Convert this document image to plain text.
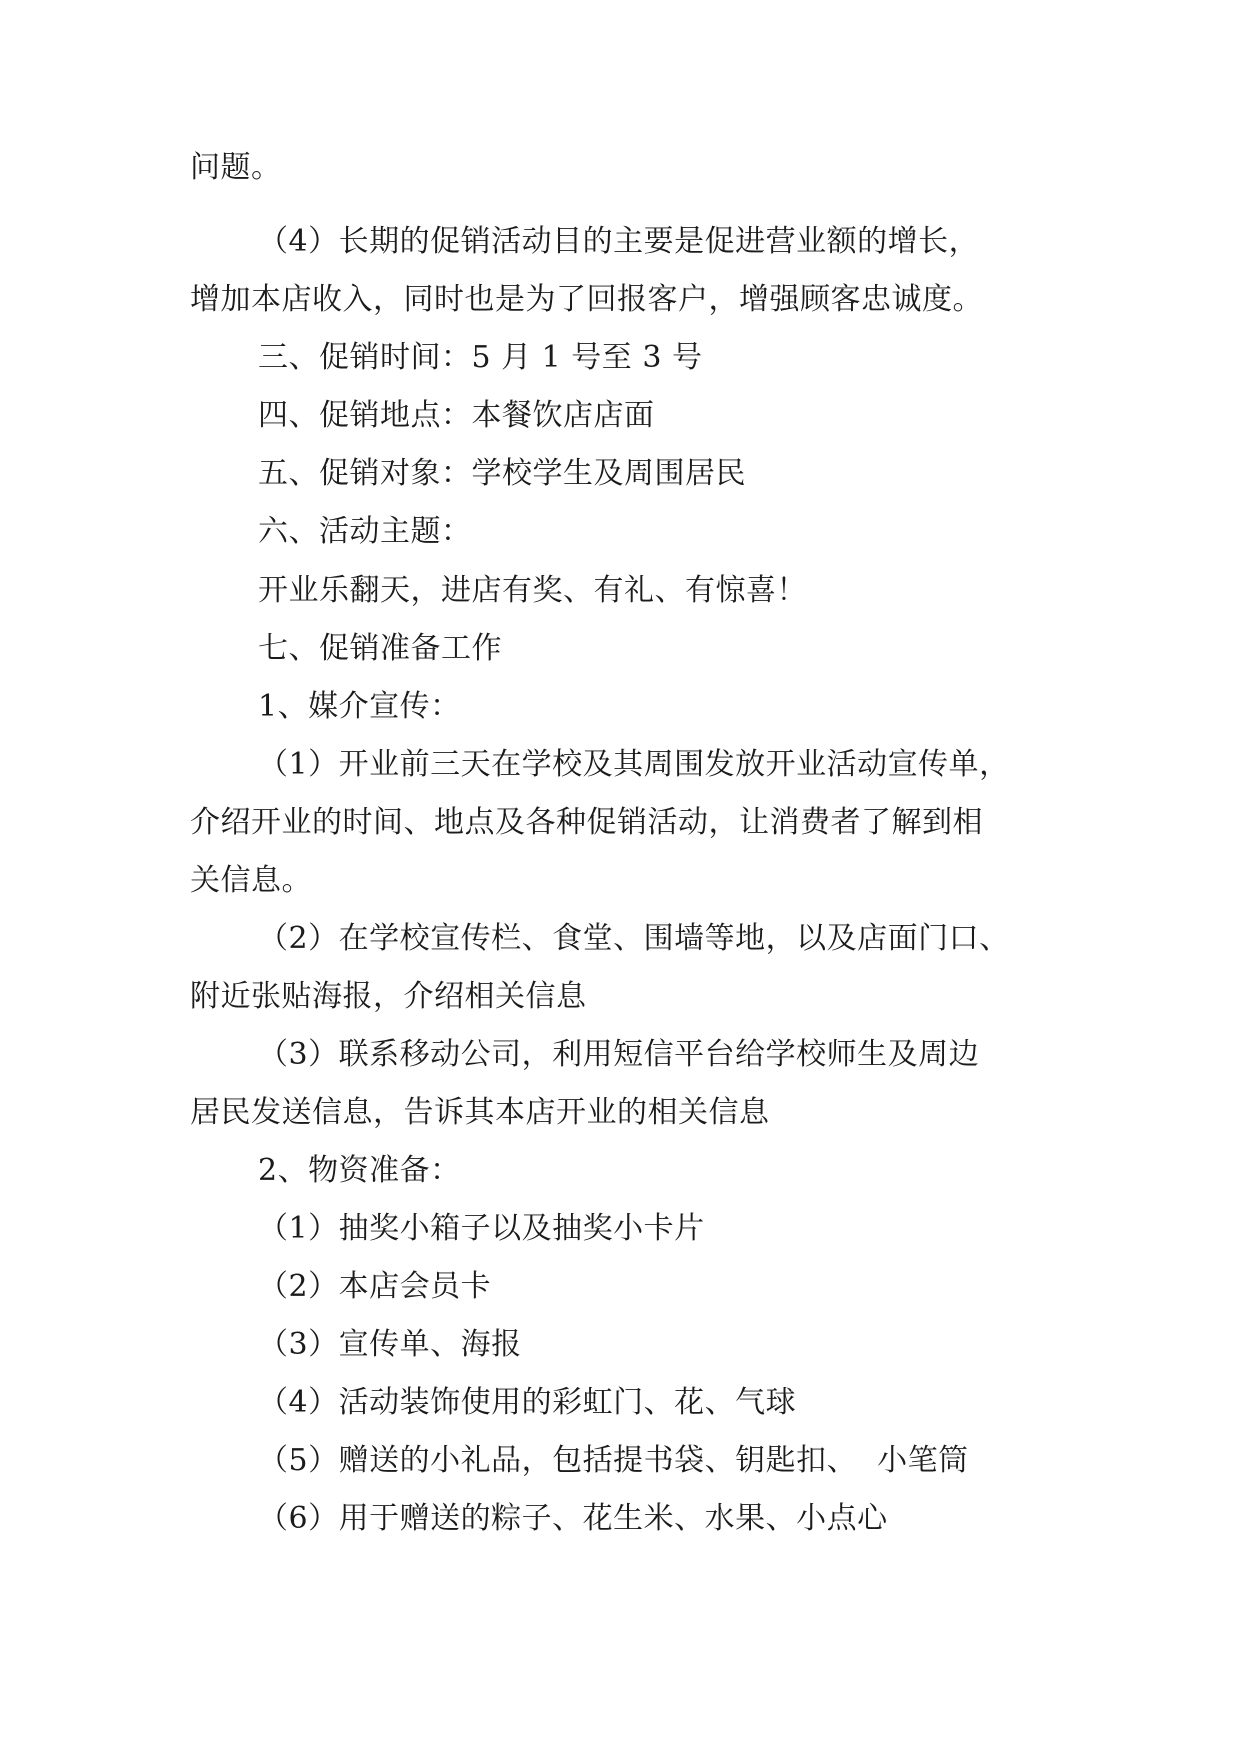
问题。
（4）长期的促销活动目的主要是促进营业额的增长，
增加本店收入，同时也是为了回报客户，增强顾客忠诚度。
三、促销时间：5 月 1 号至 3 号
四、促销地点：本餐饮店店面
五、促销对象：学校学生及周围居民
六、活动主题：
开业乐翻天，进店有奖、有礼、有惊喜！
七、促销准备工作
1、媒介宣传：
（1）开业前三天在学校及其周围发放开业活动宣传单，
介绍开业的时间、地点及各种促销活动，让消费者了解到相
关信息。
（2）在学校宣传栏、食堂、围墙等地，以及店面门口、
附近张贴海报，介绍相关信息
（3）联系移动公司，利用短信平台给学校师生及周边
居民发送信息，告诉其本店开业的相关信息
2、物资准备：
（1）抽奖小箱子以及抽奖小卡片
（2）本店会员卡
（3）宣传单、海报
（4）活动装饰使用的彩虹门、花、气球
（5）赠送的小礼品，包括提书袋、钥匙扣、  小笔筒
（6）用于赠送的粽子、花生米、水果、小点心
